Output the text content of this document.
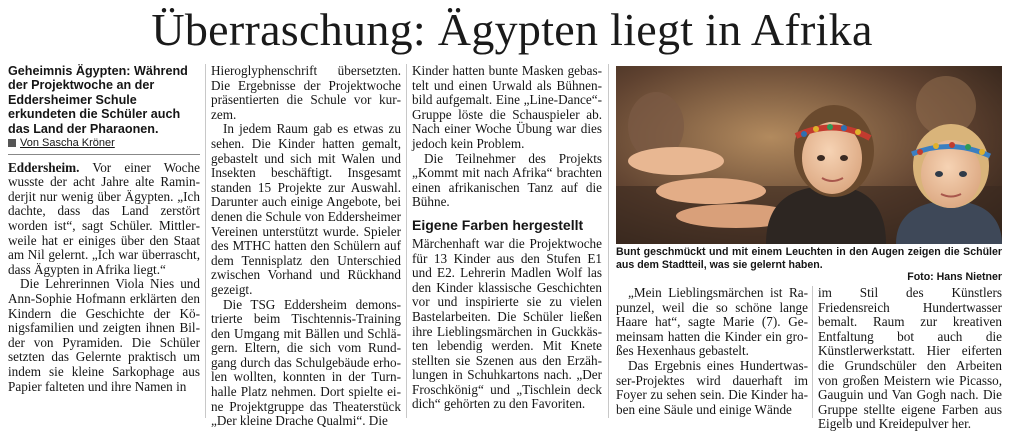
Überraschung: Ägypten liegt in Afrika

Geheimnis Ägypten: Während der Projektwoche an der Eddersheimer Schule erkundeten die Schüler auch das Land der Pharaonen.

Von Sascha Kröner

Eddersheim. Vor einer Woche wusste der acht Jahre alte Raminderjit nur wenig über Ägypten. „Ich dachte, dass das Land zerstört worden ist“, sagt Schüler. Mittlerweile hat er einiges über den Staat am Nil gelernt. „Ich war überrascht, dass Ägypten in Afrika liegt.“

Die Lehrerinnen Viola Nies und Ann-Sophie Hofmann erklärten den Kindern die Geschichte der Königsfamilien und zeigten ihnen Bilder von Pyramiden. Die Schüler setzten das Gelernte praktisch um indem sie kleine Sarkophage aus Papier falteten und ihre Namen in

Hieroglyphenschrift übersetzten. Die Ergebnisse der Projektwoche präsentierten die Schule vor kurzem.

In jedem Raum gab es etwas zu sehen. Die Kinder hatten gemalt, gebastelt und sich mit Walen und Insekten beschäftigt. Insgesamt standen 15 Projekte zur Auswahl. Darunter auch einige Angebote, bei denen die Schule von Eddersheimer Vereinen unterstützt wurde. Spieler des MTHC hatten den Schülern auf dem Tennisplatz den Unterschied zwischen Vorhand und Rückhand gezeigt.

Die TSG Eddersheim demonstrierte beim Tischtennis-Training den Umgang mit Bällen und Schlägern. Eltern, die sich vom Rundgang durch das Schulgebäude erholen wollten, konnten in der Turnhalle Platz nehmen. Dort spielte eine Projektgruppe das Theaterstück „Der kleine Drache Qualmi“. Die

Kinder hatten bunte Masken gebastelt und einen Urwald als Bühnenbild aufgemalt. Eine „Line-Dance“-Gruppe löste die Schauspieler ab. Nach einer Woche Übung war dies jedoch kein Problem.

Die Teilnehmer des Projekts „Kommt mit nach Afrika“ brachten einen afrikanischen Tanz auf die Bühne.

Eigene Farben hergestellt

Märchenhaft war die Projektwoche für 13 Kinder aus den Stufen E1 und E2. Lehrerin Madlen Wolf las den Kinder klassische Geschichten vor und inspirierte sie zu vielen Bastelarbeiten. Die Schüler ließen ihre Lieblingsmärchen in Guckkästen lebendig werden. Mit Knete stellten sie Szenen aus den Erzählungen in Schuhkartons nach. „Der Froschkönig“ und „Tischlein deck dich“ gehörten zu den Favoriten.

Bunt geschmückt und mit einem Leuchten in den Augen zeigen die Schüler aus dem Stadtteil, was sie gelernt haben.
Foto: Hans Nietner

„Mein Lieblingsmärchen ist Rapunzel, weil die so schöne lange Haare hat“, sagte Marie (7). Gemeinsam hatten die Kinder ein großes Hexenhaus gebastelt.

Das Ergebnis eines Hundertwasser-Projektes wird dauerhaft im Foyer zu sehen sein. Die Kinder haben eine Säule und einige Wände

im Stil des Künstlers Friedensreich Hundertwasser bemalt. Raum zur kreativen Entfaltung bot auch die Künstlerwerkstatt. Hier eiferten die Grundschüler den Arbeiten von großen Meistern wie Picasso, Gauguin und Van Gogh nach. Die Gruppe stellte eigene Farben aus Eigelb und Kreidepulver her.
